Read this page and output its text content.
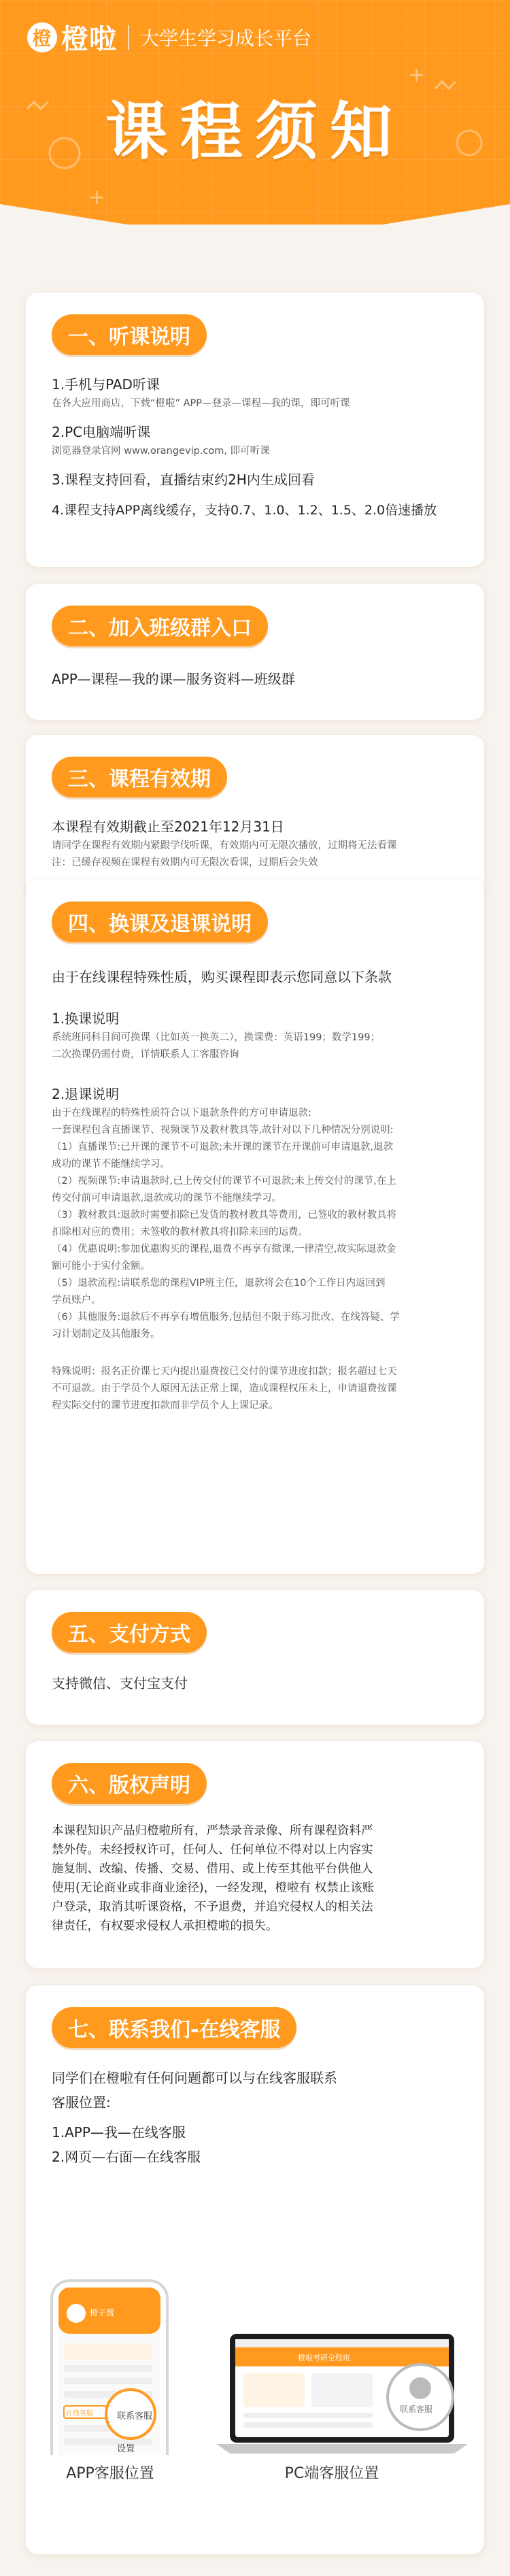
+
+
橙 橙啦 大学生学习成长平台
课程须知
一、听课说明

1.手机与PAD听课

在各大应用商店，下载“橙啦” APP—登录—课程—我的课，即可听课

2.PC电脑端听课

浏览器登录官网 www.orangevip.com, 即可听课

3.课程支持回看，直播结束约2H内生成回看

4.课程支持APP离线缓存，支持0.7、1.0、1.2、1.5、2.0倍速播放

二、加入班级群入口

APP—课程—我的课—服务资料—班级群

三、课程有效期

本课程有效期截止至2021年12月31日

请同学在课程有效期内紧跟学伐听课，有效期内可无限次播放，过期将无法看课

注：已缓存视频在课程有效期内可无限次看课，过期后会失效

四、换课及退课说明

由于在线课程特殊性质，购买课程即表示您同意以下条款

1.换课说明

系统班同科目间可换课（比如英一换英二），换课费：英语199；数学199；

二次换课仍需付费，详情联系人工客服咨询

2.退课说明

由于在线课程的特殊性质符合以下退款条件的方可申请退款:

一套课程包含直播课节、视频课节及教材教具等,故针对以下几种情况分别说明:

（1）直播课节:已开课的课节不可退款;未开课的课节在开课前可申请退款,退款

成功的课节不能继续学习。

（2）视频课节:申请退款时,已上传交付的课节不可退款;未上传交付的课节,在上

传交付前可申请退款,退款成功的课节不能继续学习。

（3）教材教具:退款时需要扣除已发货的教材教具等费用，已签收的教材教具将

扣除相对应的费用；未签收的教材教具将扣除来回的运费。

（4）优惠说明:参加优惠购买的课程,退费不再享有撤课,一律清空,故实际退款金

额可能小于实付金额。

（5）退款流程:请联系您的课程VIP班主任，退款将会在10个工作日内返回到

学员账户。

（6）其他服务:退款后不再享有增值服务,包括但不限于练习批改、在线答疑、学

习计划制定及其他服务。

特殊说明：报名正价课七天内提出退费按已交付的课节进度扣款；报名超过七天

不可退款。由于学员个人原因无法正常上课，造成课程权压未上，申请退费按课

程实际交付的课节进度扣款而非学员个人上课记录。

五、支付方式

支持微信、支付宝支付

六、版权声明

本课程知识产品归橙啦所有，严禁录音录像、所有课程资料严

禁外传。未经授权许可，任何人、任何单位不得对以上内容实

施复制、改编、传播、交易、借用、或上传至其他平台供他人

使用(无论商业或非商业途径)，一经发现，橙啦有 权禁止该账

户登录，取消其听课资格，不予退费，并追究侵权人的相关法

律责任，有权要求侵权人承担橙啦的损失。

七、联系我们-在线客服

同学们在橙啦有任何问题都可以与在线客服联系

客服位置:

1.APP—我—在线客服

2.网页—右面—在线客服

橙子酱
在线客服	联系客服
设置
APP客服位置
橙啦考研全程班
联系客服
PC端客服位置
